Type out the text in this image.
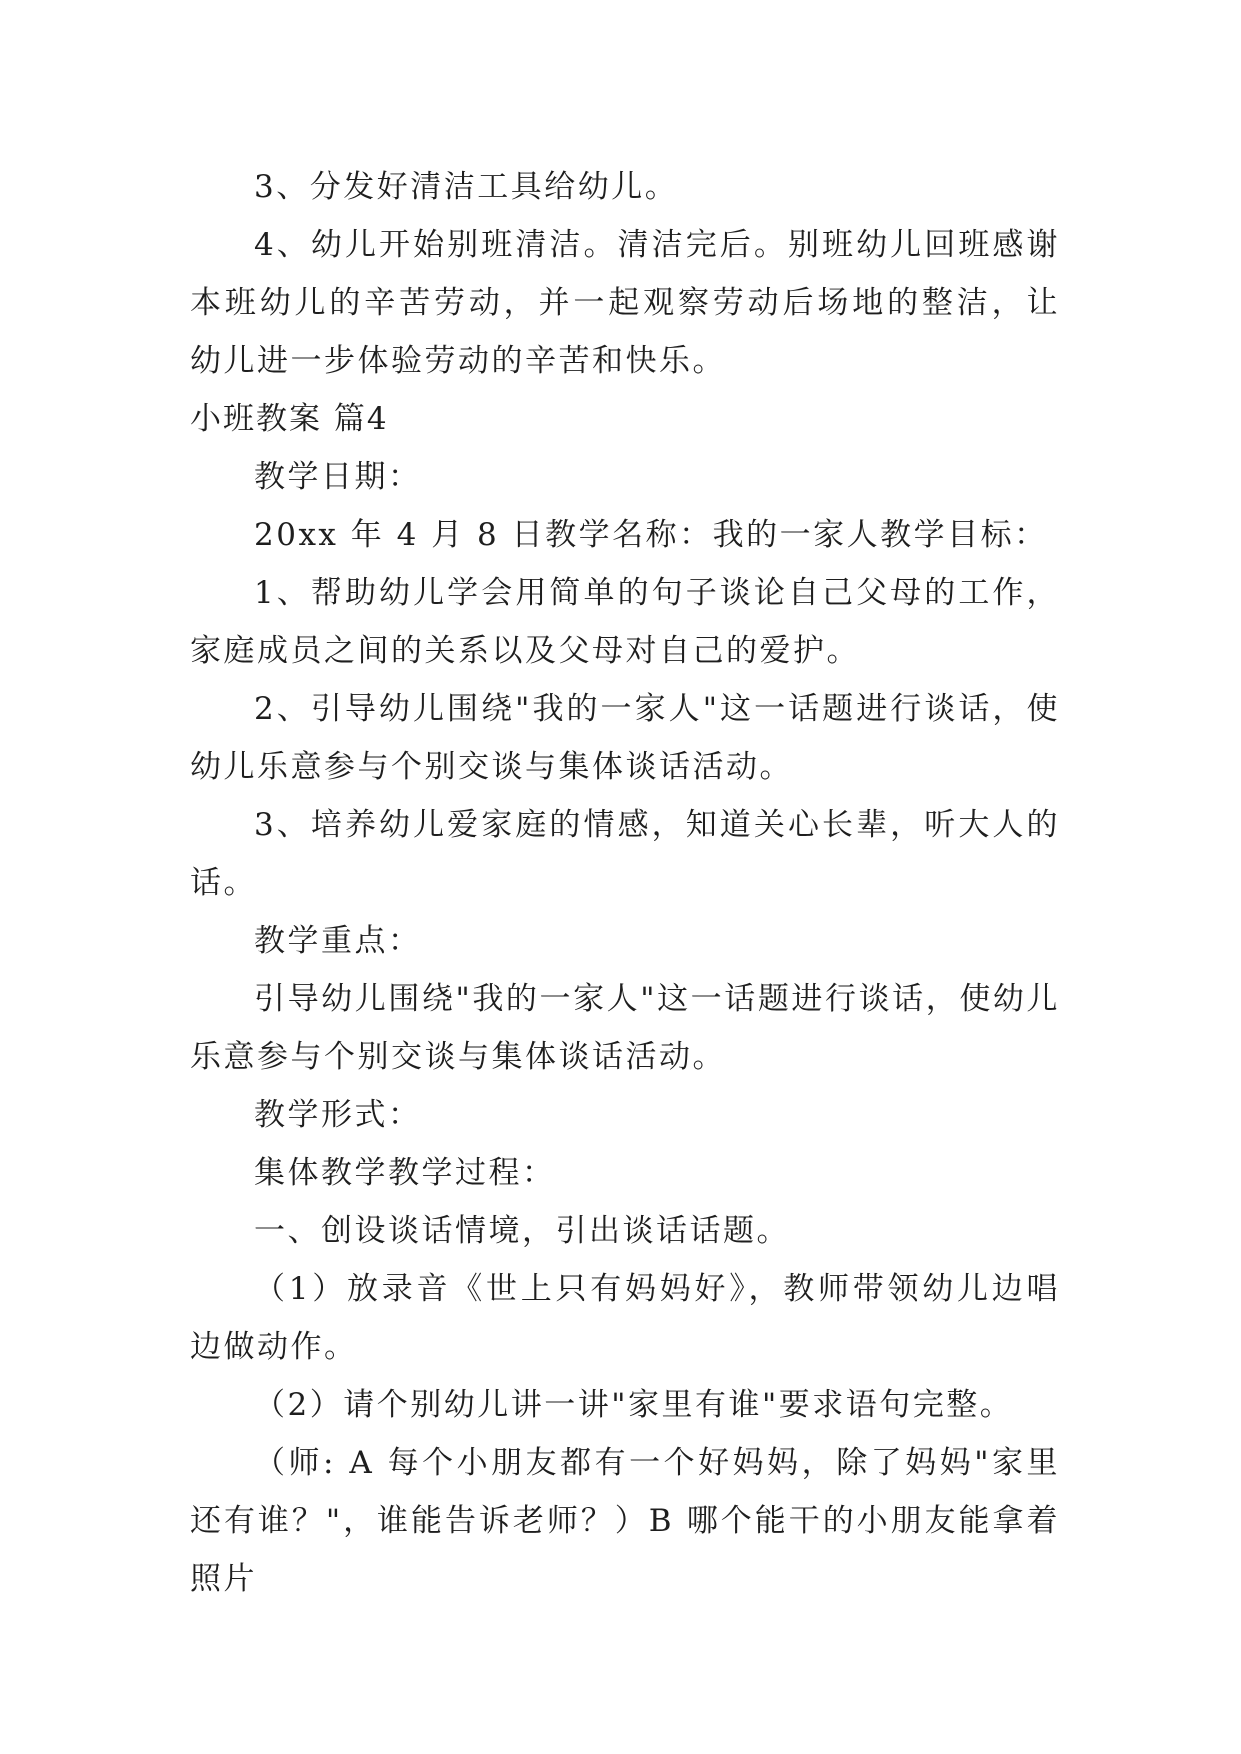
3、分发好清洁工具给幼儿。

4、幼儿开始别班清洁。清洁完后。别班幼儿回班感谢本班幼儿的辛苦劳动，并一起观察劳动后场地的整洁，让幼儿进一步体验劳动的辛苦和快乐。

小班教案 篇4

教学日期：

20xx 年 4 月 8 日教学名称：我的一家人教学目标：

1、帮助幼儿学会用简单的句子谈论自己父母的工作，家庭成员之间的关系以及父母对自己的爱护。

2、引导幼儿围绕"我的一家人"这一话题进行谈话，使幼儿乐意参与个别交谈与集体谈话活动。

3、培养幼儿爱家庭的情感，知道关心长辈，听大人的话。

教学重点：

引导幼儿围绕"我的一家人"这一话题进行谈话，使幼儿乐意参与个别交谈与集体谈话活动。

教学形式：

集体教学教学过程：

一、创设谈话情境，引出谈话话题。

（1）放录音《世上只有妈妈好》，教师带领幼儿边唱边做动作。

（2）请个别幼儿讲一讲"家里有谁"要求语句完整。

（师: A 每个小朋友都有一个好妈妈，除了妈妈"家里还有谁？"，谁能告诉老师？）B 哪个能干的小朋友能拿着照片
